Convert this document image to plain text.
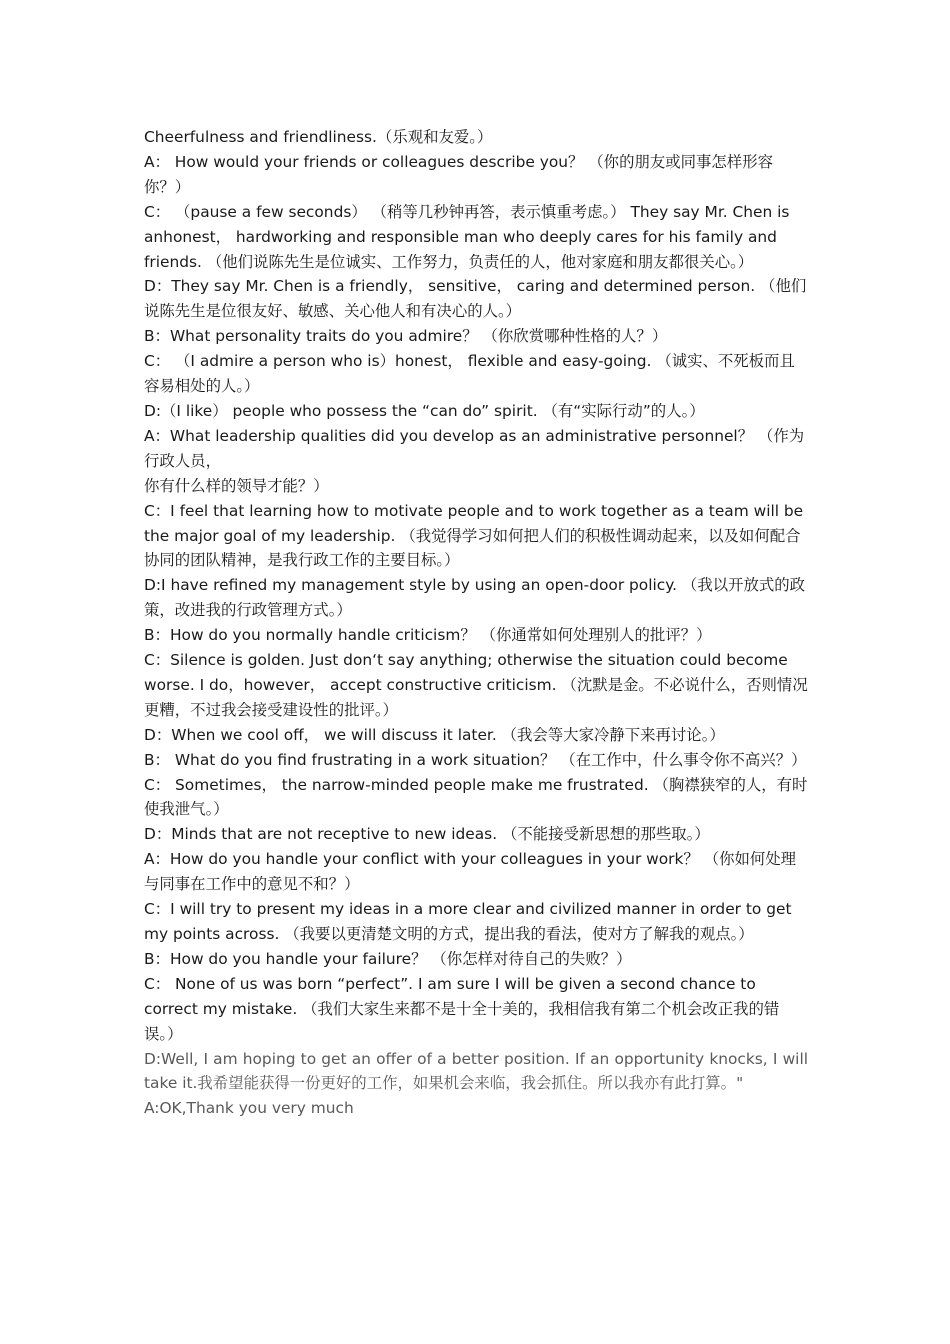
Cheerfulness and friendliness.（乐观和友爱。）

A： How would your friends or colleagues describe you？ （你的朋友或同事怎样形容你？）

C： （pause a few seconds） （稍等几秒钟再答，表示慎重考虑。） They say Mr. Chen is anhonest， hardworking and responsible man who deeply cares for his family and friends. （他们说陈先生是位诚实、工作努力，负责任的人，他对家庭和朋友都很关心。）

D：They say Mr. Chen is a friendly， sensitive， caring and determined person. （他们说陈先生是位很友好、敏感、关心他人和有决心的人。）

B：What personality traits do you admire？ （你欣赏哪种性格的人？）

C： （I admire a person who is）honest， flexible and easy-going. （诚实、不死板而且容易相处的人。）

D:（I like） people who possess the “can do” spirit. （有“实际行动”的人。）

A：What leadership qualities did you develop as an administrative personnel？ （作为行政人员，

你有什么样的领导才能？）

C：I feel that learning how to motivate people and to work together as a team will be the major goal of my leadership. （我觉得学习如何把人们的积极性调动起来，以及如何配合协同的团队精神，是我行政工作的主要目标。）

D:I have refined my management style by using an open-door policy. （我以开放式的政策，改进我的行政管理方式。）

B：How do you normally handle criticism？ （你通常如何处理别人的批评？）

C：Silence is golden. Just don‘t say anything; otherwise the situation could become worse. I do，however， accept constructive criticism. （沈默是金。不必说什么，否则情况更糟，不过我会接受建设性的批评。）

D：When we cool off， we will discuss it later. （我会等大家冷静下来再讨论。）

B： What do you find frustrating in a work situation？ （在工作中，什么事令你不高兴？）

C： Sometimes， the narrow-minded people make me frustrated. （胸襟狭窄的人，有时使我泄气。）

D：Minds that are not receptive to new ideas. （不能接受新思想的那些取。）

A：How do you handle your conflict with your colleagues in your work？ （你如何处理与同事在工作中的意见不和？）

C：I will try to present my ideas in a more clear and civilized manner in order to get my points across. （我要以更清楚文明的方式，提出我的看法，使对方了解我的观点。）

B：How do you handle your failure？ （你怎样对待自己的失败？）

C： None of us was born “perfect”. I am sure I will be given a second chance to correct my mistake. （我们大家生来都不是十全十美的，我相信我有第二个机会改正我的错误。）

D:Well, I am hoping to get an offer of a better position. If an opportunity knocks, I will take it.我希望能获得一份更好的工作，如果机会来临，我会抓住。所以我亦有此打算。"

A:OK,Thank you very much
